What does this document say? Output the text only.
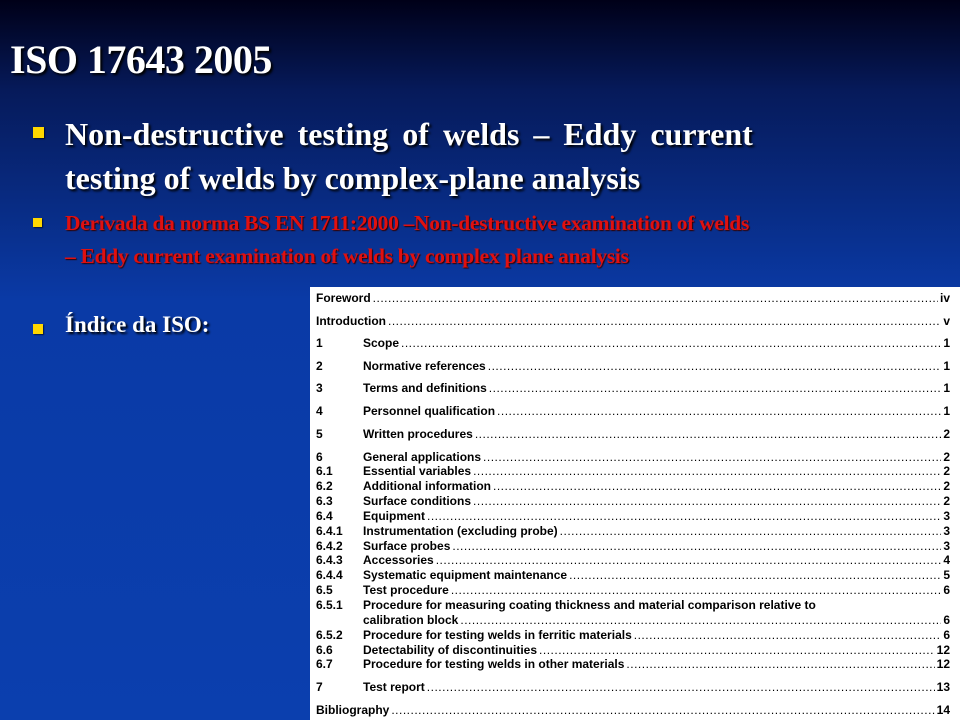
ISO 17643 2005
Non-destructive testing of welds – Eddy current
testing of welds by complex-plane analysis
Derivada da norma BS EN 1711:2000 –Non-destructive examination of welds
– Eddy current examination of welds by complex plane analysis
Índice da ISO:
Foreword .....	iv
Introduction .....	v
1	Scope .....	1
2	Normative references .....	1
3	Terms and definitions .....	1
4	Personnel qualification .....	1
5	Written procedures .....	2
6	General applications .....	2
6.1	Essential variables .....	2
6.2	Additional information .....	2
6.3	Surface conditions .....	2
6.4	Equipment .....	3
6.4.1	Instrumentation (excluding probe) .....	3
6.4.2	Surface probes .....	3
6.4.3	Accessories .....	4
6.4.4	Systematic equipment maintenance .....	5
6.5	Test procedure .....	6
6.5.1	Procedure for measuring coating thickness and material comparison relative to
calibration block .....	6
6.5.2	Procedure for testing welds in ferritic materials .....	6
6.6	Detectability of discontinuities .....	12
6.7	Procedure for testing welds in other materials .....	12
7	Test report .....	13
Bibliography .....	14
